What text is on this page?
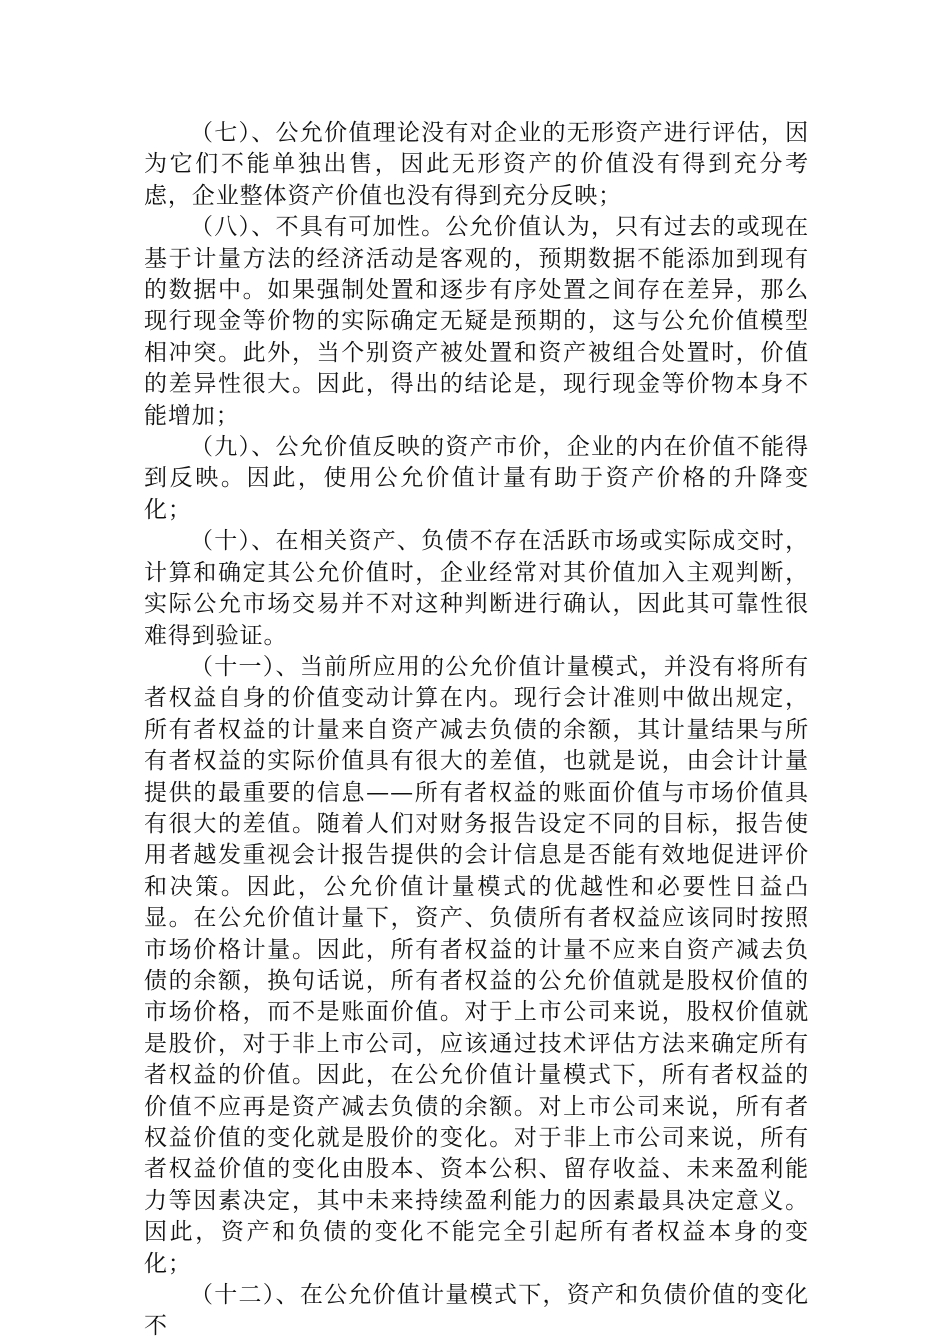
（七）、公允价值理论没有对企业的无形资产进行评估，因为它们不能单独出售，因此无形资产的价值没有得到充分考虑，企业整体资产价值也没有得到充分反映；

（八）、不具有可加性。公允价值认为，只有过去的或现在基于计量方法的经济活动是客观的，预期数据不能添加到现有的数据中。如果强制处置和逐步有序处置之间存在差异，那么现行现金等价物的实际确定无疑是预期的，这与公允价值模型相冲突。此外，当个别资产被处置和资产被组合处置时，价值的差异性很大。因此，得出的结论是，现行现金等价物本身不能增加；

（九）、公允价值反映的资产市价，企业的内在价值不能得到反映。因此，使用公允价值计量有助于资产价格的升降变化；

（十）、在相关资产、负债不存在活跃市场或实际成交时，计算和确定其公允价值时，企业经常对其价值加入主观判断，实际公允市场交易并不对这种判断进行确认，因此其可靠性很难得到验证。

（十一）、当前所应用的公允价值计量模式，并没有将所有者权益自身的价值变动计算在内。现行会计准则中做出规定，所有者权益的计量来自资产减去负债的余额，其计量结果与所有者权益的实际价值具有很大的差值，也就是说，由会计计量提供的最重要的信息——所有者权益的账面价值与市场价值具有很大的差值。随着人们对财务报告设定不同的目标，报告使用者越发重视会计报告提供的会计信息是否能有效地促进评价和决策。因此，公允价值计量模式的优越性和必要性日益凸显。在公允价值计量下，资产、负债所有者权益应该同时按照市场价格计量。因此，所有者权益的计量不应来自资产减去负债的余额，换句话说，所有者权益的公允价值就是股权价值的市场价格，而不是账面价值。对于上市公司来说，股权价值就是股价，对于非上市公司，应该通过技术评估方法来确定所有者权益的价值。因此，在公允价值计量模式下，所有者权益的价值不应再是资产减去负债的余额。对上市公司来说，所有者权益价值的变化就是股价的变化。对于非上市公司来说，所有者权益价值的变化由股本、资本公积、留存收益、未来盈利能力等因素决定，其中未来持续盈利能力的因素最具决定意义。因此，资产和负债的变化不能完全引起所有者权益本身的变化；

（十二）、在公允价值计量模式下，资产和负债价值的变化不
